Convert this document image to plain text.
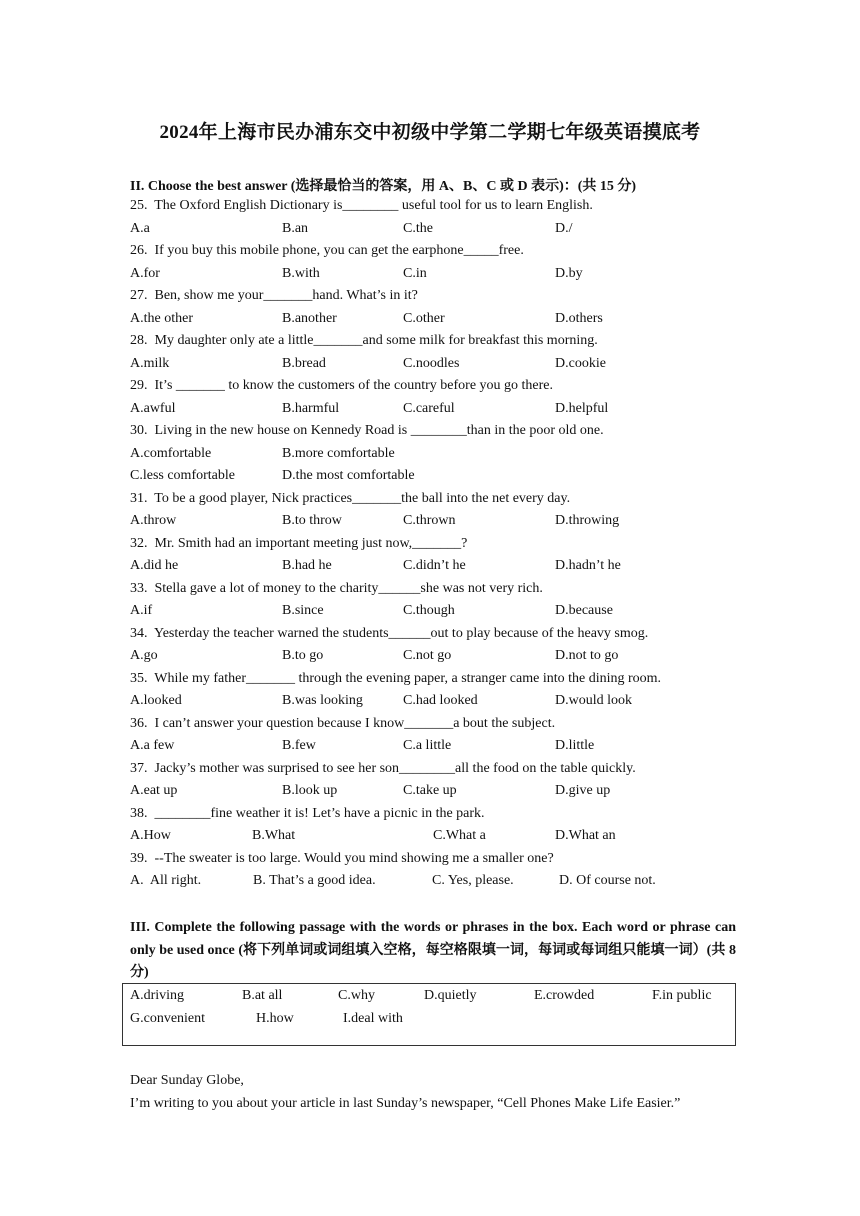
2024年上海市民办浦东交中初级中学第二学期七年级英语摸底考
II. Choose the best answer (选择最恰当的答案，用 A、B、C 或 D 表示)：(共 15 分)
25.  The Oxford English Dictionary is________ useful tool for us to learn English.
A.a	B.an	C.the	D./
26.  If you buy this mobile phone, you can get the earphone_____free.
A.for	B.with	C.in	D.by
27.  Ben, show me your_______hand. What’s in it?
A.the other	B.another	C.other	D.others
28.  My daughter only ate a little_______and some milk for breakfast this morning.
A.milk	B.bread	C.noodles	D.cookie
29.  It’s _______ to know the customers of the country before you go there.
A.awful	B.harmful	C.careful	D.helpful
30.  Living in the new house on Kennedy Road is ________than in the poor old one.
A.comfortable	B.more comfortable
C.less comfortable	D.the most comfortable
31.  To be a good player, Nick practices_______the ball into the net every day.
A.throw	B.to throw	C.thrown	D.throwing
32.  Mr. Smith had an important meeting just now,_______?
A.did he	B.had he	C.didn’t he	D.hadn’t he
33.  Stella gave a lot of money to the charity______she was not very rich.
A.if	B.since	C.though	D.because
34.  Yesterday the teacher warned the students______out to play because of the heavy smog.
A.go	B.to go	C.not go	D.not to go
35.  While my father_______ through the evening paper, a stranger came into the dining room.
A.looked	B.was looking	C.had looked	D.would look
36.  I can’t answer your question because I know_______a bout the subject.
A.a few	B.few	C.a little	D.little
37.  Jacky’s mother was surprised to see her son________all the food on the table quickly.
A.eat up	B.look up	C.take up	D.give up
38.  ________fine weather it is! Let’s have a picnic in the park.
A.How	B.What	C.What a	D.What an
39.  --The sweater is too large. Would you mind showing me a smaller one?
A.  All right.	B. That’s a good idea.	C. Yes, please.	D. Of course not.
III. Complete the following passage with the words or phrases in the box. Each word or phrase can only be used once (将下列单词或词组填入空格，每空格限填一词，每词或每词组只能填一词）(共 8 分)
A.driving	B.at all	C.why	D.quietly	E.crowded	F.in public
G.convenient	H.how	I.deal with
Dear Sunday Globe,
I’m writing to you about your article in last Sunday’s newspaper, “Cell Phones Make Life Easier.”
